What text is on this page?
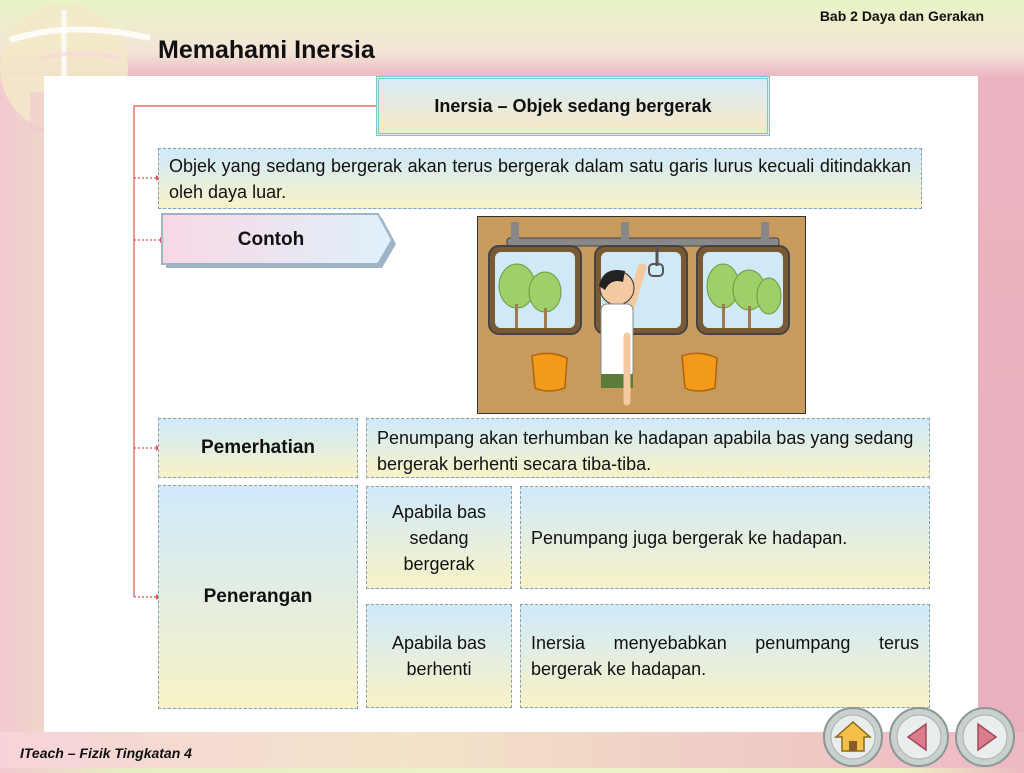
Bab 2 Daya dan Gerakan
Memahami Inersia
Inersia – Objek sedang bergerak
Objek yang sedang bergerak akan terus bergerak dalam satu garis lurus kecuali ditindakkan oleh daya luar.
Contoh
Pemerhatian	Penumpang akan terhumban ke hadapan apabila bas yang sedang bergerak berhenti secara tiba-tiba.
Penerangan
Apabila bas sedang bergerak
Penumpang juga bergerak ke hadapan.
Apabila bas berhenti
Inersia menyebabkan penumpang terus bergerak ke hadapan.
ITeach – Fizik Tingkatan 4
